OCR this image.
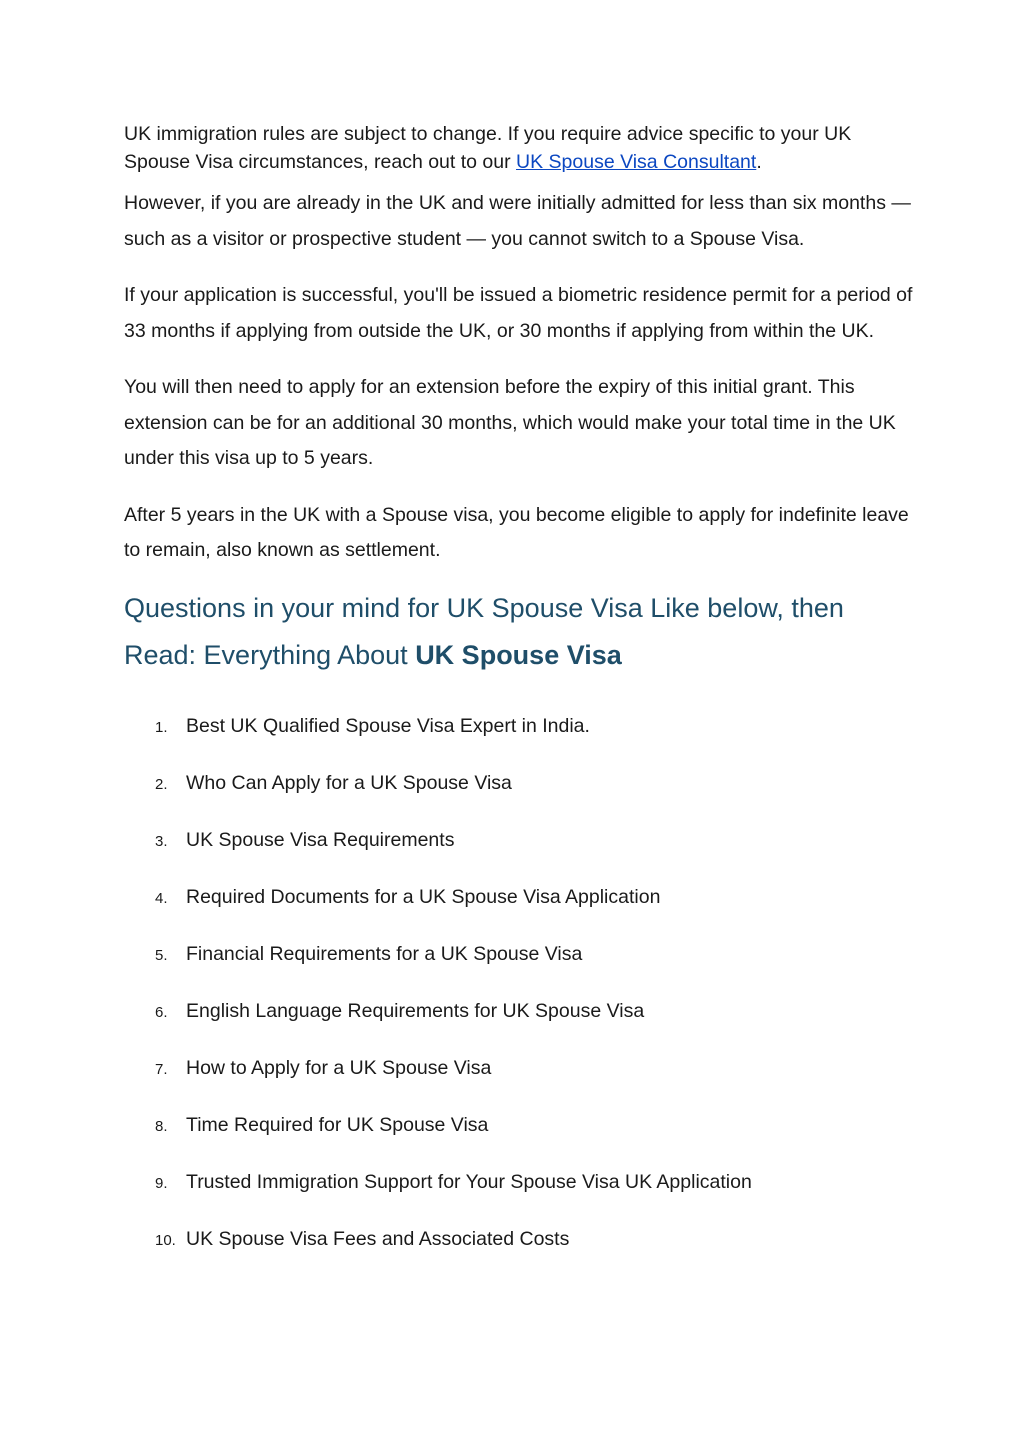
UK immigration rules are subject to change. If you require advice specific to your UK Spouse Visa circumstances, reach out to our UK Spouse Visa Consultant.

However, if you are already in the UK and were initially admitted for less than six months — such as a visitor or prospective student — you cannot switch to a Spouse Visa.

If your application is successful, you'll be issued a biometric residence permit for a period of 33 months if applying from outside the UK, or 30 months if applying from within the UK.

You will then need to apply for an extension before the expiry of this initial grant. This extension can be for an additional 30 months, which would make your total time in the UK under this visa up to 5 years.

After 5 years in the UK with a Spouse visa, you become eligible to apply for indefinite leave to remain, also known as settlement.

Questions in your mind for UK Spouse Visa Like below, then Read: Everything About UK Spouse Visa
1. Best UK Qualified Spouse Visa Expert in India.
2. Who Can Apply for a UK Spouse Visa
3. UK Spouse Visa Requirements
4. Required Documents for a UK Spouse Visa Application
5. Financial Requirements for a UK Spouse Visa
6. English Language Requirements for UK Spouse Visa
7. How to Apply for a UK Spouse Visa
8. Time Required for UK Spouse Visa
9. Trusted Immigration Support for Your Spouse Visa UK Application
10. UK Spouse Visa Fees and Associated Costs
